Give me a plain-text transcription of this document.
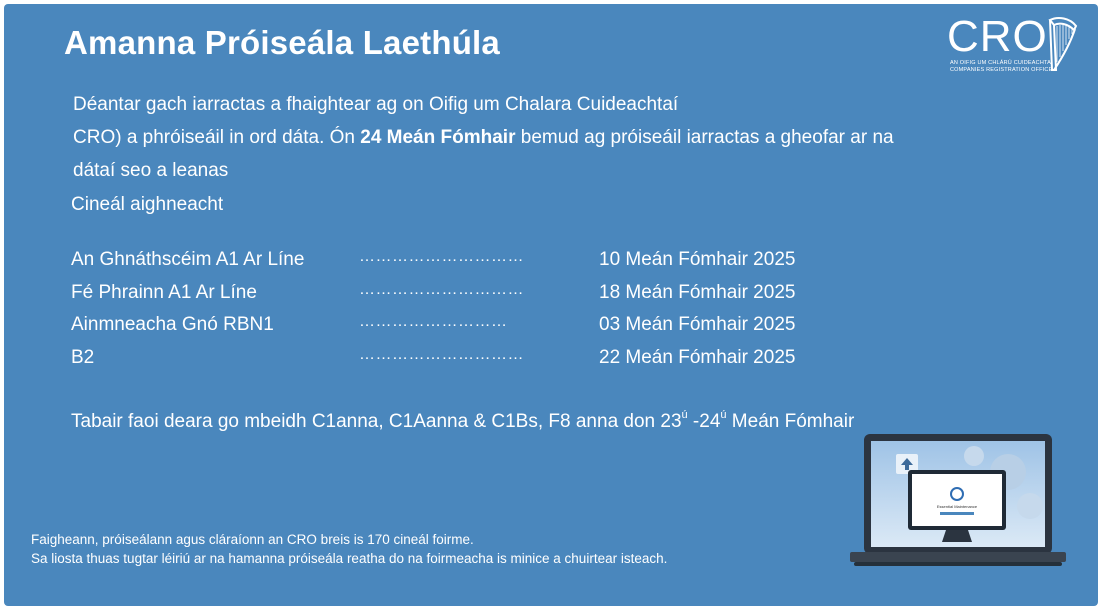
Amanna Próiseála Laethúla	CRO
AN OIFIG UM CHLÁRÚ CUIDEACHTAÍ
COMPANIES REGISTRATION OFFICE
Déantar gach iarractas a fhaightear ag on Oifig um Chalara Cuideachtaí
CRO) a phróiseáil in ord dáta. Ón 24 Meán Fómhair bemud ag próiseáil iarractas a gheofar ar na
dátaí seo a leanas
Cineál aighneacht
An Ghnáthscéim A1 Ar Líne	…………………………	10 Meán Fómhair 2025
Fé Phrainn A1 Ar Líne	…………………………	18 Meán Fómhair 2025
Ainmneacha Gnó RBN1	………………………	03 Meán Fómhair 2025
B2	…………………………	22 Meán Fómhair 2025
Tabair faoi deara go mbeidh C1anna, C1Aanna & C1Bs, F8 anna don $23^ú$ $-24^ú$ Meán Fómhair
Essential Maintenance
Faigheann, próiseálann agus cláraíonn an CRO breis is 170 cineál foirme.
Sa liosta thuas tugtar léiriú ar na hamanna próiseála reatha do na foirmeacha is minice a chuirtear isteach.
